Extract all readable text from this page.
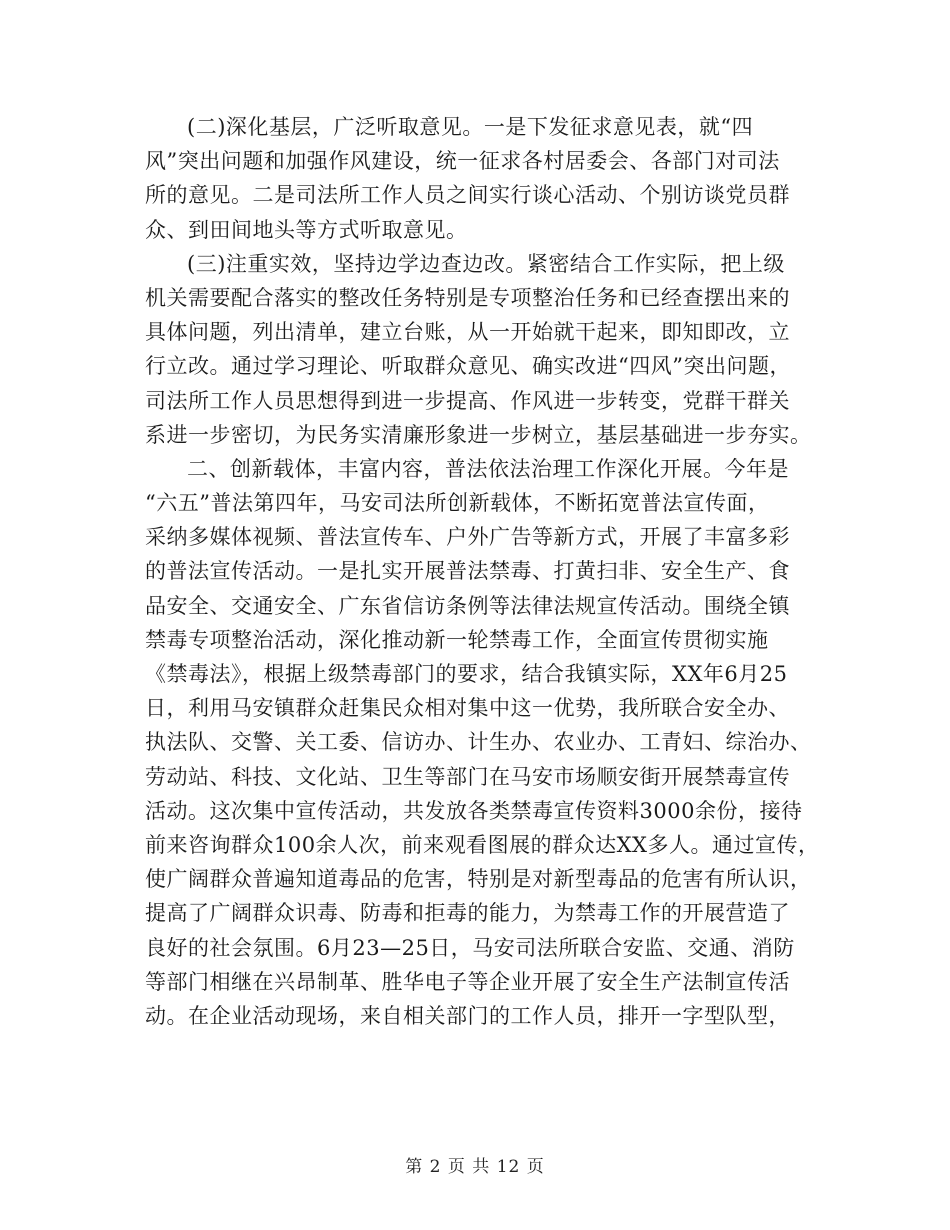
(二)深化基层，广泛听取意见。一是下发征求意见表，就“四
风”突出问题和加强作风建设，统一征求各村居委会、各部门对司法
所的意见。二是司法所工作人员之间实行谈心活动、个别访谈党员群
众、到田间地头等方式听取意见。
(三)注重实效，坚持边学边查边改。紧密结合工作实际，把上级
机关需要配合落实的整改任务特别是专项整治任务和已经查摆出来的
具体问题，列出清单，建立台账，从一开始就干起来，即知即改，立
行立改。通过学习理论、听取群众意见、确实改进“四风”突出问题，
司法所工作人员思想得到进一步提高、作风进一步转变，党群干群关
系进一步密切，为民务实清廉形象进一步树立，基层基础进一步夯实。
二、创新载体，丰富内容，普法依法治理工作深化开展。今年是
“六五”普法第四年，马安司法所创新载体，不断拓宽普法宣传面，
采纳多媒体视频、普法宣传车、户外广告等新方式，开展了丰富多彩
的普法宣传活动。一是扎实开展普法禁毒、打黄扫非、安全生产、食
品安全、交通安全、广东省信访条例等法律法规宣传活动。围绕全镇
禁毒专项整治活动，深化推动新一轮禁毒工作，全面宣传贯彻实施
《禁毒法》，根据上级禁毒部门的要求，结合我镇实际，XX年6月25
日，利用马安镇群众赶集民众相对集中这一优势，我所联合安全办、
执法队、交警、关工委、信访办、计生办、农业办、工青妇、综治办、
劳动站、科技、文化站、卫生等部门在马安市场顺安街开展禁毒宣传
活动。这次集中宣传活动，共发放各类禁毒宣传资料3000余份，接待
前来咨询群众100余人次，前来观看图展的群众达XX多人。通过宣传，
使广阔群众普遍知道毒品的危害，特别是对新型毒品的危害有所认识，
提高了广阔群众识毒、防毒和拒毒的能力，为禁毒工作的开展营造了
良好的社会氛围。6月23—25日，马安司法所联合安监、交通、消防
等部门相继在兴昂制革、胜华电子等企业开展了安全生产法制宣传活
动。在企业活动现场，来自相关部门的工作人员，排开一字型队型，
第 2 页 共 12 页
